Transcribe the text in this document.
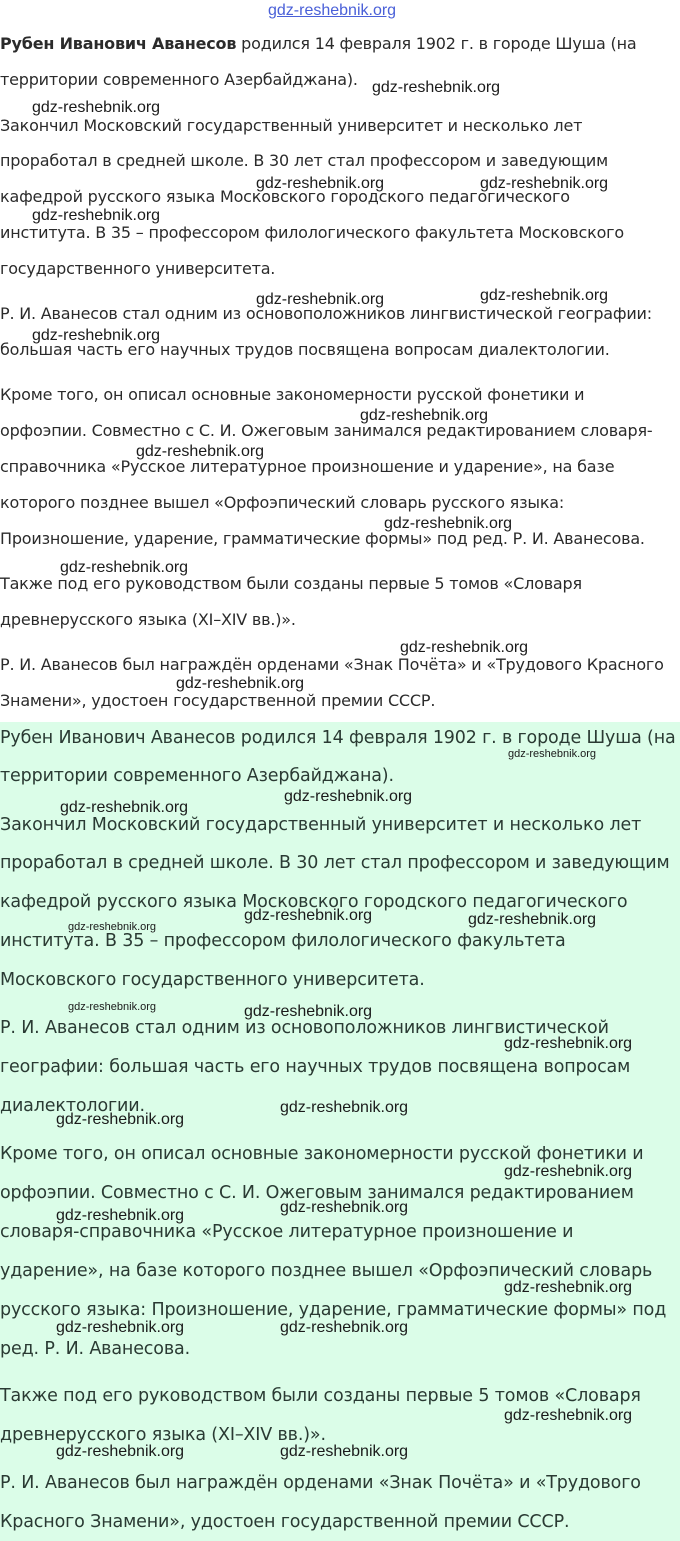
gdz-reshebnik.org
Рубен Иванович Аванесов родился 14 февраля 1902 г. в городе Шуша (на
территории современного Азербайджана).
Закончил Московский государственный университет и несколько лет
проработал в средней школе. В 30 лет стал профессором и заведующим
кафедрой русского языка Московского городского педагогического
института. В 35 – профессором филологического факультета Московского
государственного университета.
Р. И. Аванесов стал одним из основоположников лингвистической географии:
большая часть его научных трудов посвящена вопросам диалектологии.
Кроме того, он описал основные закономерности русской фонетики и
орфоэпии. Совместно с С. И. Ожеговым занимался редактированием словаря-
справочника «Русское литературное произношение и ударение», на базе
которого позднее вышел «Орфоэпический словарь русского языка:
Произношение, ударение, грамматические формы» под ред. Р. И. Аванесова.
Также под его руководством были созданы первые 5 томов «Словаря
древнерусского языка (XI–XIV вв.)».
Р. И. Аванесов был награждён орденами «Знак Почёта» и «Трудового Красного
Знамени», удостоен государственной премии СССР.
gdz-reshebnik.org
gdz-reshebnik.org
gdz-reshebnik.org	gdz-reshebnik.org
gdz-reshebnik.org
gdz-reshebnik.org	gdz-reshebnik.org
gdz-reshebnik.org
gdz-reshebnik.org
gdz-reshebnik.org
gdz-reshebnik.org
gdz-reshebnik.org
gdz-reshebnik.org
gdz-reshebnik.org
Рубен Иванович Аванесов родился 14 февраля 1902 г. в городе Шуша (на
территории современного Азербайджана).
Закончил Московский государственный университет и несколько лет
проработал в средней школе. В 30 лет стал профессором и заведующим
кафедрой русского языка Московского городского педагогического
института. В 35 – профессором филологического факультета
Московского государственного университета.
Р. И. Аванесов стал одним из основоположников лингвистической
географии: большая часть его научных трудов посвящена вопросам
диалектологии.
Кроме того, он описал основные закономерности русской фонетики и
орфоэпии. Совместно с С. И. Ожеговым занимался редактированием
словаря-справочника «Русское литературное произношение и
ударение», на базе которого позднее вышел «Орфоэпический словарь
русского языка: Произношение, ударение, грамматические формы» под
ред. Р. И. Аванесова.
Также под его руководством были созданы первые 5 томов «Словаря
древнерусского языка (XI–XIV вв.)».
Р. И. Аванесов был награждён орденами «Знак Почёта» и «Трудового
Красного Знамени», удостоен государственной премии СССР.
gdz-reshebnik.org
gdz-reshebnik.org
gdz-reshebnik.org
gdz-reshebnik.org	gdz-reshebnik.org
gdz-reshebnik.org
gdz-reshebnik.org	gdz-reshebnik.org
gdz-reshebnik.org
gdz-reshebnik.org
gdz-reshebnik.org
gdz-reshebnik.org
gdz-reshebnik.org
gdz-reshebnik.org
gdz-reshebnik.org
gdz-reshebnik.org	gdz-reshebnik.org
gdz-reshebnik.org
gdz-reshebnik.org	gdz-reshebnik.org
